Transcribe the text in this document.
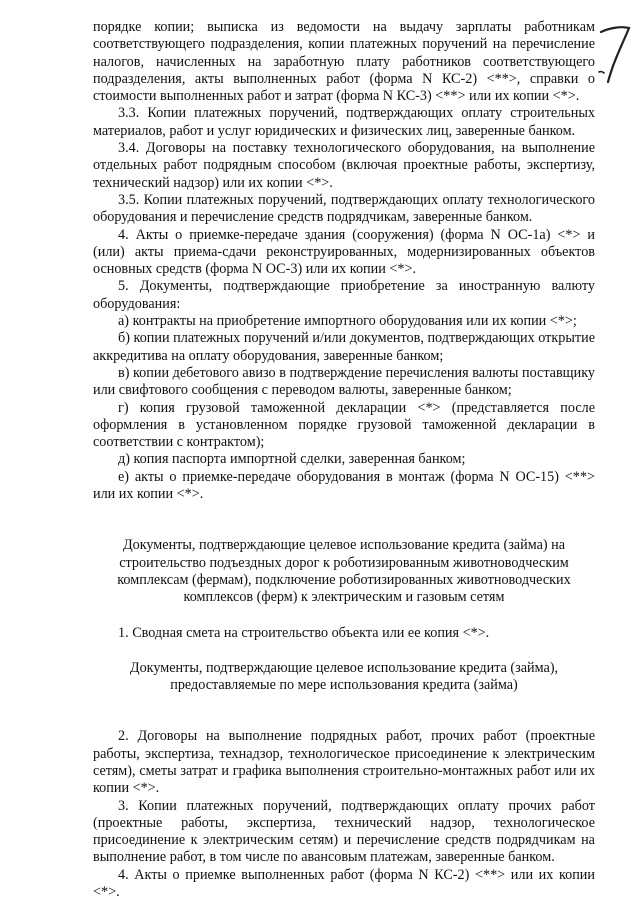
порядке копии; выписка из ведомости на выдачу зарплаты работникам соответствующего подразделения, копии платежных поручений на перечисление налогов, начисленных на заработную плату работников соответствующего подразделения, акты выполненных работ (форма N КС-2) <**>, справки о стоимости выполненных работ и затрат (форма N КС-3) <**> или их копии <*>.

3.3. Копии платежных поручений, подтверждающих оплату строительных материалов, работ и услуг юридических и физических лиц, заверенные банком.

3.4. Договоры на поставку технологического оборудования, на выполнение отдельных работ подрядным способом (включая проектные работы, экспертизу, технический надзор) или их копии <*>.

3.5. Копии платежных поручений, подтверждающих оплату технологического оборудования и перечисление средств подрядчикам, заверенные банком.

4. Акты о приемке-передаче здания (сооружения) (форма N ОС-1а) <*> и (или) акты приема-сдачи реконструированных, модернизированных объектов основных средств (форма N ОС-3) или их копии <*>.

5. Документы, подтверждающие приобретение за иностранную валюту оборудования:

а) контракты на приобретение импортного оборудования или их копии <*>;

б) копии платежных поручений и/или документов, подтверждающих открытие аккредитива на оплату оборудования, заверенные банком;

в) копии дебетового авизо в подтверждение перечисления валюты поставщику или свифтового сообщения с переводом валюты, заверенные банком;

г) копия грузовой таможенной декларации <*> (представляется после оформления в установленном порядке грузовой таможенной декларации в соответствии с контрактом);

д) копия паспорта импортной сделки, заверенная банком;

е) акты о приемке-передаче оборудования в монтаж (форма N ОС-15) <**> или их копии <*>.

Документы, подтверждающие целевое использование кредита (займа) на строительство подъездных дорог к роботизированным животноводческим комплексам (фермам), подключение роботизированных животноводческих комплексов (ферм) к электрическим и газовым сетям

1. Сводная смета на строительство объекта или ее копия <*>.

Документы, подтверждающие целевое использование кредита (займа), предоставляемые по мере использования кредита (займа)

2. Договоры на выполнение подрядных работ, прочих работ (проектные работы, экспертиза, технадзор, технологическое присоединение к электрическим сетям), сметы затрат и графика выполнения строительно-монтажных работ или их копии <*>.

3. Копии платежных поручений, подтверждающих оплату прочих работ (проектные работы, экспертиза, технический надзор, технологическое присоединение к электрическим сетям) и перечисление средств подрядчикам на выполнение работ, в том числе по авансовым платежам, заверенные банком.

4. Акты о приемке выполненных работ (форма N КС-2) <**> или их копии <*>.
